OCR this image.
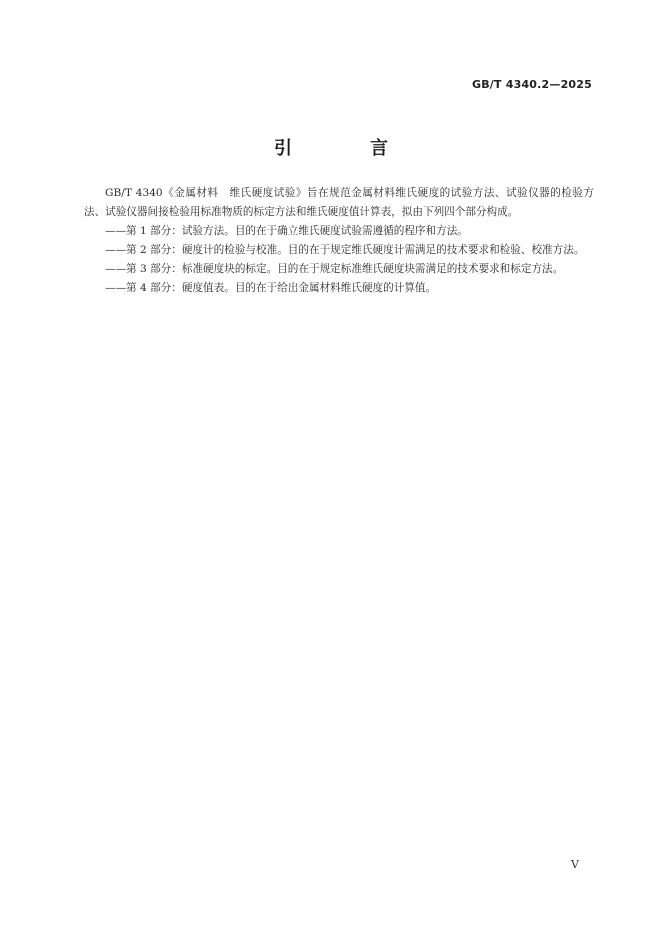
GB/T 4340.2—2025
引　言

GB/T 4340《金属材料　维氏硬度试验》旨在规范金属材料维氏硬度的试验方法、试验仪器的检验方法、试验仪器间接检验用标准物质的标定方法和维氏硬度值计算表，拟由下列四个部分构成。

——第 1 部分：试验方法。目的在于确立维氏硬度试验需遵循的程序和方法。

——第 2 部分：硬度计的检验与校准。目的在于规定维氏硬度计需满足的技术要求和检验、校准方法。

——第 3 部分：标准硬度块的标定。目的在于规定标准维氏硬度块需满足的技术要求和标定方法。

——第 4 部分：硬度值表。目的在于给出金属材料维氏硬度的计算值。

V
